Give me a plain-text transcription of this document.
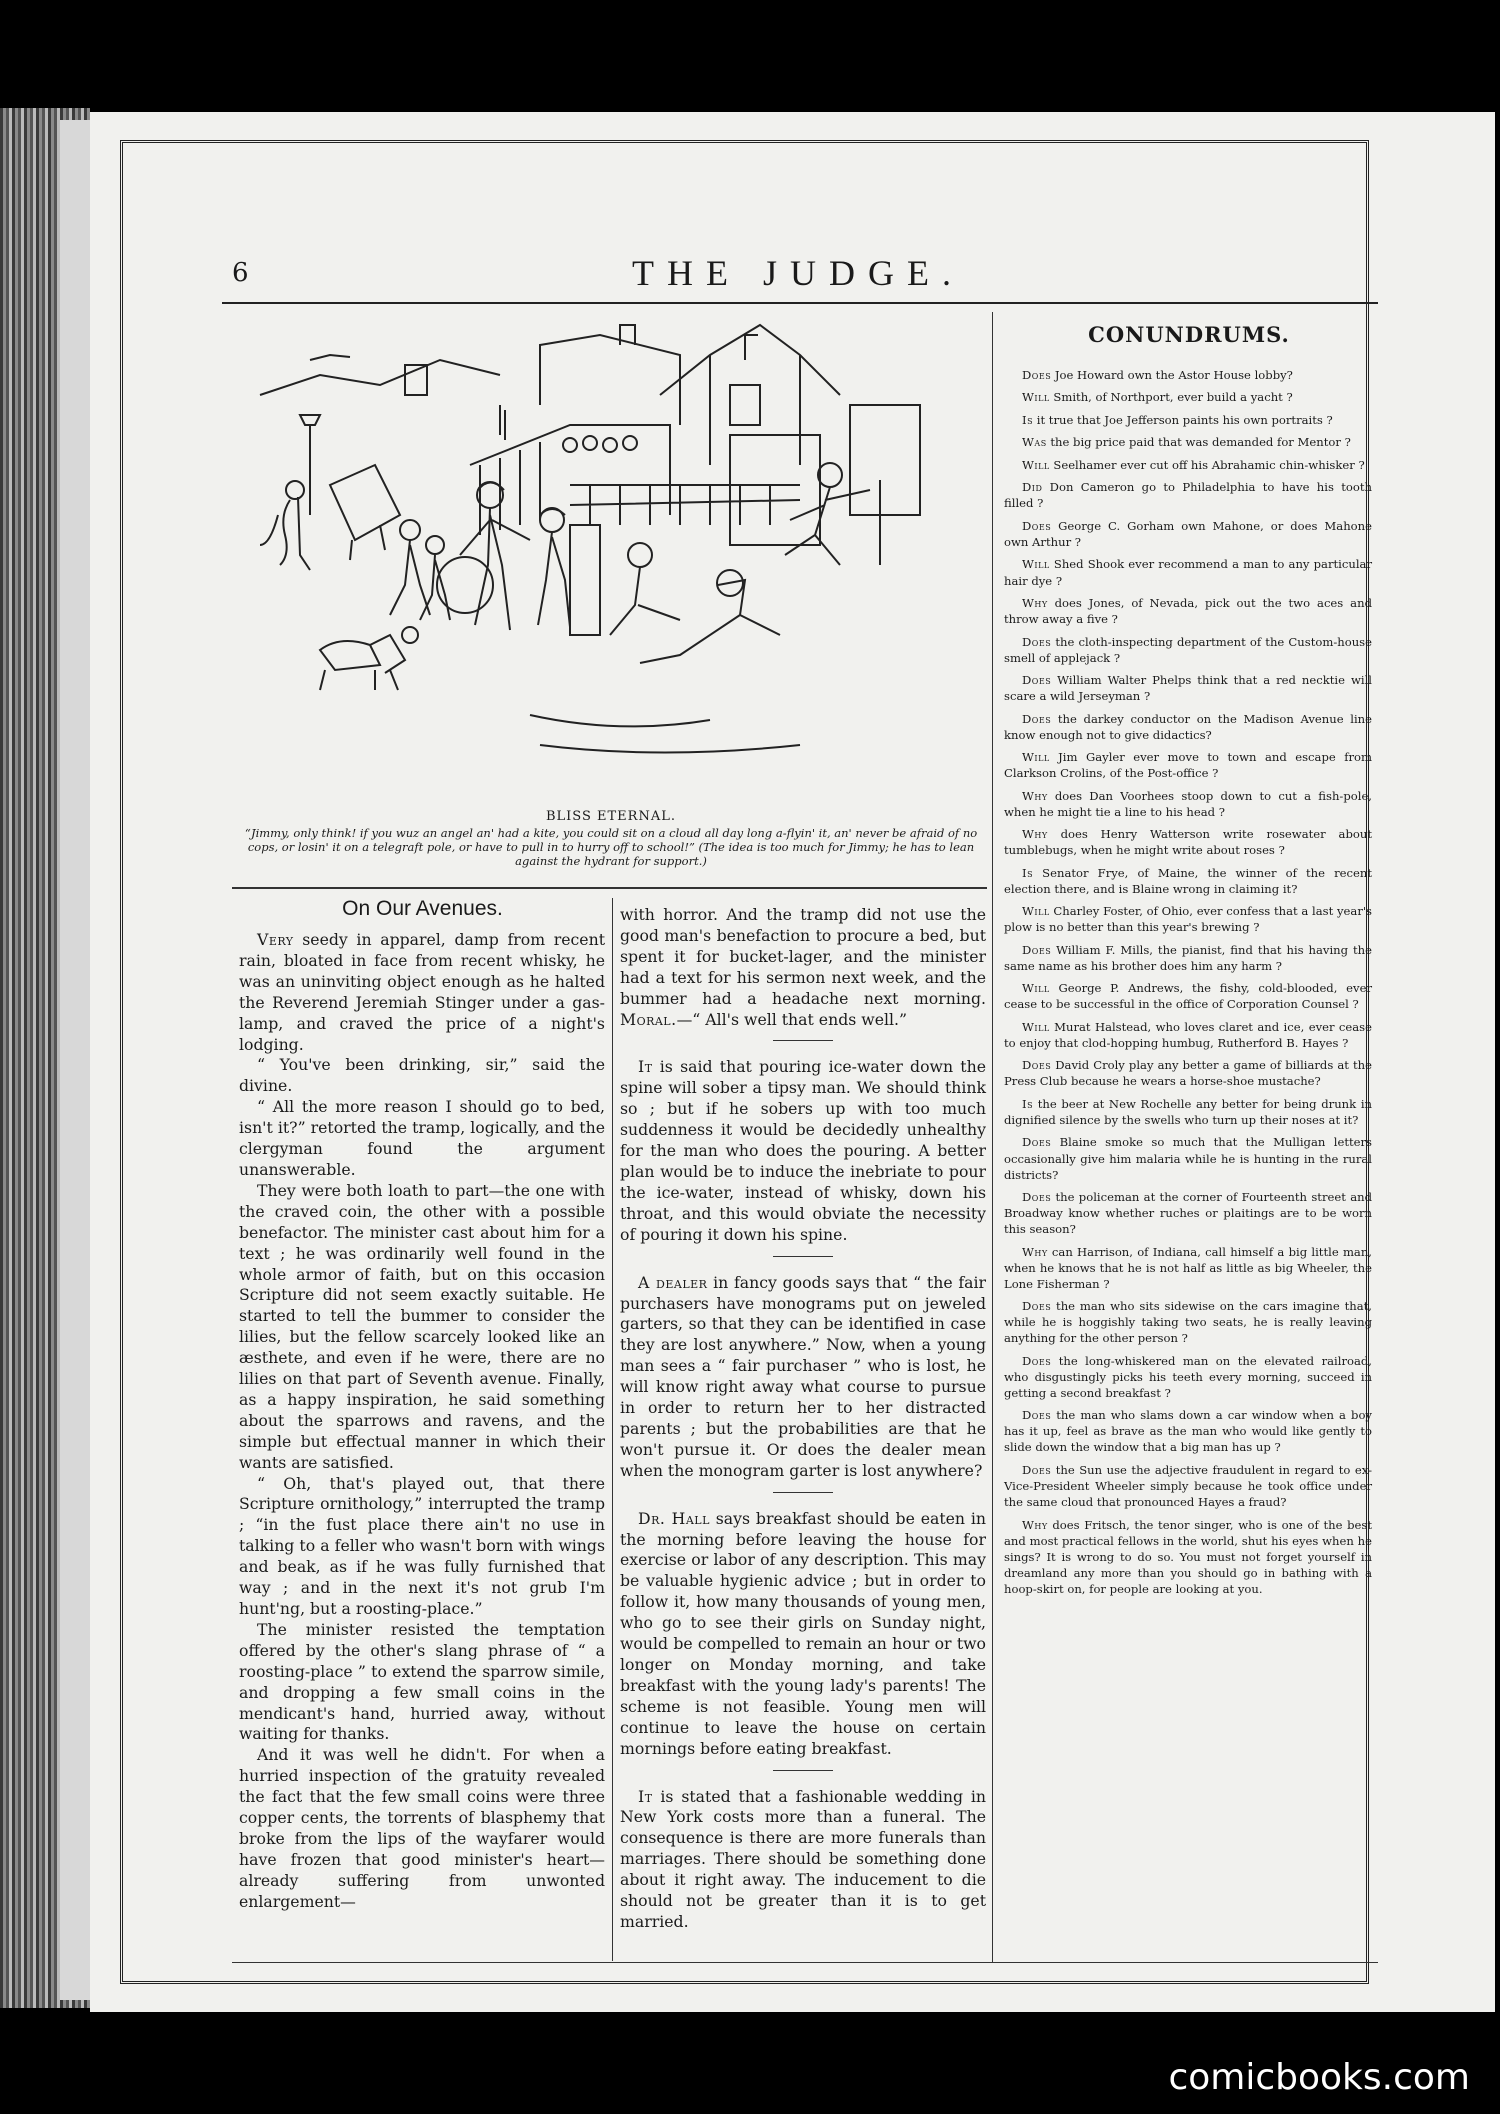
6	THE JUDGE.
BLISS ETERNAL.
“Jimmy, only think! if you wuz an angel an' had a kite, you could sit on a cloud all day long a-flyin' it, an' never be afraid of no cops, or losin' it on a telegraft pole, or have to pull in to hurry off to school!” (The idea is too much for Jimmy; he has to lean against the hydrant for support.)
On Our Avenues.

Very seedy in apparel, damp from recent rain, bloated in face from recent whisky, he was an uninviting object enough as he halted the Reverend Jeremiah Stinger under a gas-lamp, and craved the price of a night's lodging.

“ You've been drinking, sir,” said the divine.

“ All the more reason I should go to bed, isn't it?” retorted the tramp, logically, and the clergyman found the argument unanswerable.

They were both loath to part—the one with the craved coin, the other with a possible benefactor. The minister cast about him for a text ; he was ordinarily well found in the whole armor of faith, but on this occasion Scripture did not seem exactly suitable. He started to tell the bummer to consider the lilies, but the fellow scarcely looked like an æsthete, and even if he were, there are no lilies on that part of Seventh avenue. Finally, as a happy inspiration, he said something about the sparrows and ravens, and the simple but effectual manner in which their wants are satisfied.

“ Oh, that's played out, that there Scripture ornithology,” interrupted the tramp ; “in the fust place there ain't no use in talking to a feller who wasn't born with wings and beak, as if he was fully furnished that way ; and in the next it's not grub I'm hunt'ng, but a roosting-place.”

The minister resisted the temptation offered by the other's slang phrase of “ a roosting-place ” to extend the sparrow simile, and dropping a few small coins in the mendicant's hand, hurried away, without waiting for thanks.

And it was well he didn't. For when a hurried inspection of the gratuity revealed the fact that the few small coins were three copper cents, the torrents of blasphemy that broke from the lips of the wayfarer would have frozen that good minister's heart—already suffering from unwonted enlargement—

with horror. And the tramp did not use the good man's benefaction to procure a bed, but spent it for bucket-lager, and the minister had a text for his sermon next week, and the bummer had a headache next morning. Moral.—“ All's well that ends well.”

It is said that pouring ice-water down the spine will sober a tipsy man. We should think so ; but if he sobers up with too much suddenness it would be decidedly unhealthy for the man who does the pouring. A better plan would be to induce the inebriate to pour the ice-water, instead of whisky, down his throat, and this would obviate the necessity of pouring it down his spine.

A dealer in fancy goods says that “ the fair purchasers have monograms put on jeweled garters, so that they can be identified in case they are lost anywhere.” Now, when a young man sees a “ fair purchaser ” who is lost, he will know right away what course to pursue in order to return her to her distracted parents ; but the probabilities are that he won't pursue it. Or does the dealer mean when the monogram garter is lost anywhere?

Dr. Hall says breakfast should be eaten in the morning before leaving the house for exercise or labor of any description. This may be valuable hygienic advice ; but in order to follow it, how many thousands of young men, who go to see their girls on Sunday night, would be compelled to remain an hour or two longer on Monday morning, and take breakfast with the young lady's parents! The scheme is not feasible. Young men will continue to leave the house on certain mornings before eating breakfast.

It is stated that a fashionable wedding in New York costs more than a funeral. The consequence is there are more funerals than marriages. There should be something done about it right away. The inducement to die should not be greater than it is to get married.

CONUNDRUMS.

Does Joe Howard own the Astor House lobby?

Will Smith, of Northport, ever build a yacht ?

Is it true that Joe Jefferson paints his own portraits ?

Was the big price paid that was demanded for Mentor ?

Will Seelhamer ever cut off his Abrahamic chin-whisker ?

Did Don Cameron go to Philadelphia to have his tooth filled ?

Does George C. Gorham own Mahone, or does Mahone own Arthur ?

Will Shed Shook ever recommend a man to any particular hair dye ?

Why does Jones, of Nevada, pick out the two aces and throw away a five ?

Does the cloth-inspecting department of the Custom-house smell of applejack ?

Does William Walter Phelps think that a red necktie will scare a wild Jerseyman ?

Does the darkey conductor on the Madison Avenue line know enough not to give didactics?

Will Jim Gayler ever move to town and escape from Clarkson Crolins, of the Post-office ?

Why does Dan Voorhees stoop down to cut a fish-pole, when he might tie a line to his head ?

Why does Henry Watterson write rosewater about tumblebugs, when he might write about roses ?

Is Senator Frye, of Maine, the winner of the recent election there, and is Blaine wrong in claiming it?

Will Charley Foster, of Ohio, ever confess that a last year's plow is no better than this year's brewing ?

Does William F. Mills, the pianist, find that his having the same name as his brother does him any harm ?

Will George P. Andrews, the fishy, cold-blooded, ever cease to be successful in the office of Corporation Counsel ?

Will Murat Halstead, who loves claret and ice, ever cease to enjoy that clod-hopping humbug, Rutherford B. Hayes ?

Does David Croly play any better a game of billiards at the Press Club because he wears a horse-shoe mustache?

Is the beer at New Rochelle any better for being drunk in dignified silence by the swells who turn up their noses at it?

Does Blaine smoke so much that the Mulligan letters occasionally give him malaria while he is hunting in the rural districts?

Does the policeman at the corner of Fourteenth street and Broadway know whether ruches or plaitings are to be worn this season?

Why can Harrison, of Indiana, call himself a big little man, when he knows that he is not half as little as big Wheeler, the Lone Fisherman ?

Does the man who sits sidewise on the cars imagine that, while he is hoggishly taking two seats, he is really leaving anything for the other person ?

Does the long-whiskered man on the elevated railroad, who disgustingly picks his teeth every morning, succeed in getting a second breakfast ?

Does the man who slams down a car window when a boy has it up, feel as brave as the man who would like gently to slide down the window that a big man has up ?

Does the Sun use the adjective fraudulent in regard to ex-Vice-President Wheeler simply because he took office under the same cloud that pronounced Hayes a fraud?

Why does Fritsch, the tenor singer, who is one of the best and most practical fellows in the world, shut his eyes when he sings? It is wrong to do so. You must not forget yourself in dreamland any more than you should go in bathing with a hoop-skirt on, for people are looking at you.

comicbooks.com
